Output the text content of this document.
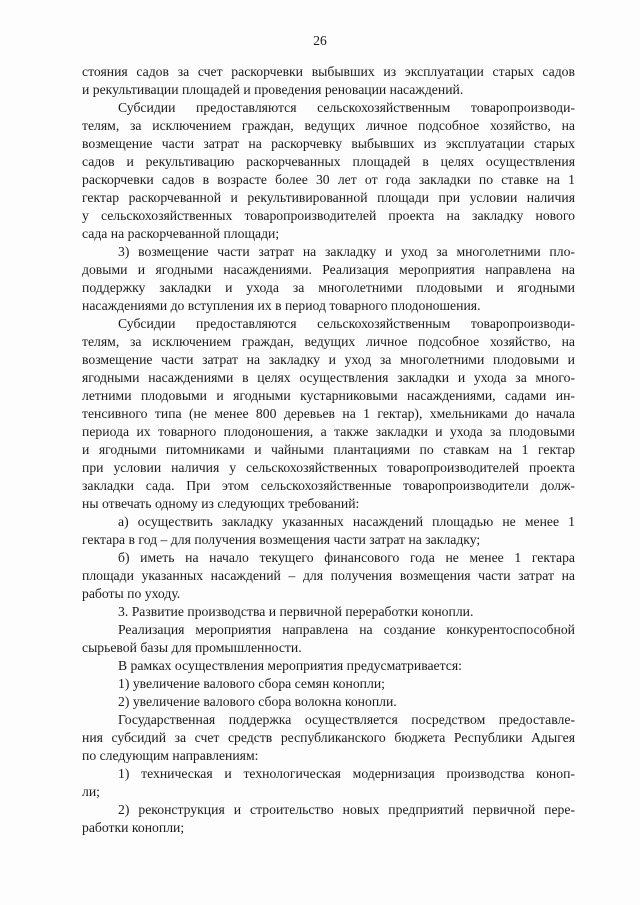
26
стояния садов за счет раскорчевки выбывших из эксплуатации старых садов
и рекультивации площадей и проведения реновации насаждений.
Субсидии предоставляются сельскохозяйственным товаропроизводи-
телям, за исключением граждан, ведущих личное подсобное хозяйство, на
возмещение части затрат на раскорчевку выбывших из эксплуатации старых
садов и рекультивацию раскорчеванных площадей в целях осуществления
раскорчевки садов в возрасте более 30 лет от года закладки по ставке на 1
гектар раскорчеванной и рекультивированной площади при условии наличия
у сельскохозяйственных товаропроизводителей проекта на закладку нового
сада на раскорчеванной площади;
3) возмещение части затрат на закладку и уход за многолетними пло-
довыми и ягодными насаждениями. Реализация мероприятия направлена на
поддержку закладки и ухода за многолетними плодовыми и ягодными
насаждениями до вступления их в период товарного плодоношения.
Субсидии предоставляются сельскохозяйственным товаропроизводи-
телям, за исключением граждан, ведущих личное подсобное хозяйство, на
возмещение части затрат на закладку и уход за многолетними плодовыми и
ягодными насаждениями в целях осуществления закладки и ухода за много-
летними плодовыми и ягодными кустарниковыми насаждениями, садами ин-
тенсивного типа (не менее 800 деревьев на 1 гектар), хмельниками до начала
периода их товарного плодоношения, а также закладки и ухода за плодовыми
и ягодными питомниками и чайными плантациями по ставкам на 1 гектар
при условии наличия у сельскохозяйственных товаропроизводителей проекта
закладки сада. При этом сельскохозяйственные товаропроизводители долж-
ны отвечать одному из следующих требований:
а) осуществить закладку указанных насаждений площадью не менее 1
гектара в год – для получения возмещения части затрат на закладку;
б) иметь на начало текущего финансового года не менее 1 гектара
площади указанных насаждений – для получения возмещения части затрат на
работы по уходу.
3. Развитие производства и первичной переработки конопли.
Реализация мероприятия направлена на создание конкурентоспособной
сырьевой базы для промышленности.
В рамках осуществления мероприятия предусматривается:
1) увеличение валового сбора семян конопли;
2) увеличение валового сбора волокна конопли.
Государственная поддержка осуществляется посредством предоставле-
ния субсидий за счет средств республиканского бюджета Республики Адыгея
по следующим направлениям:
1) техническая и технологическая модернизация производства коноп-
ли;
2) реконструкция и строительство новых предприятий первичной пере-
работки конопли;
